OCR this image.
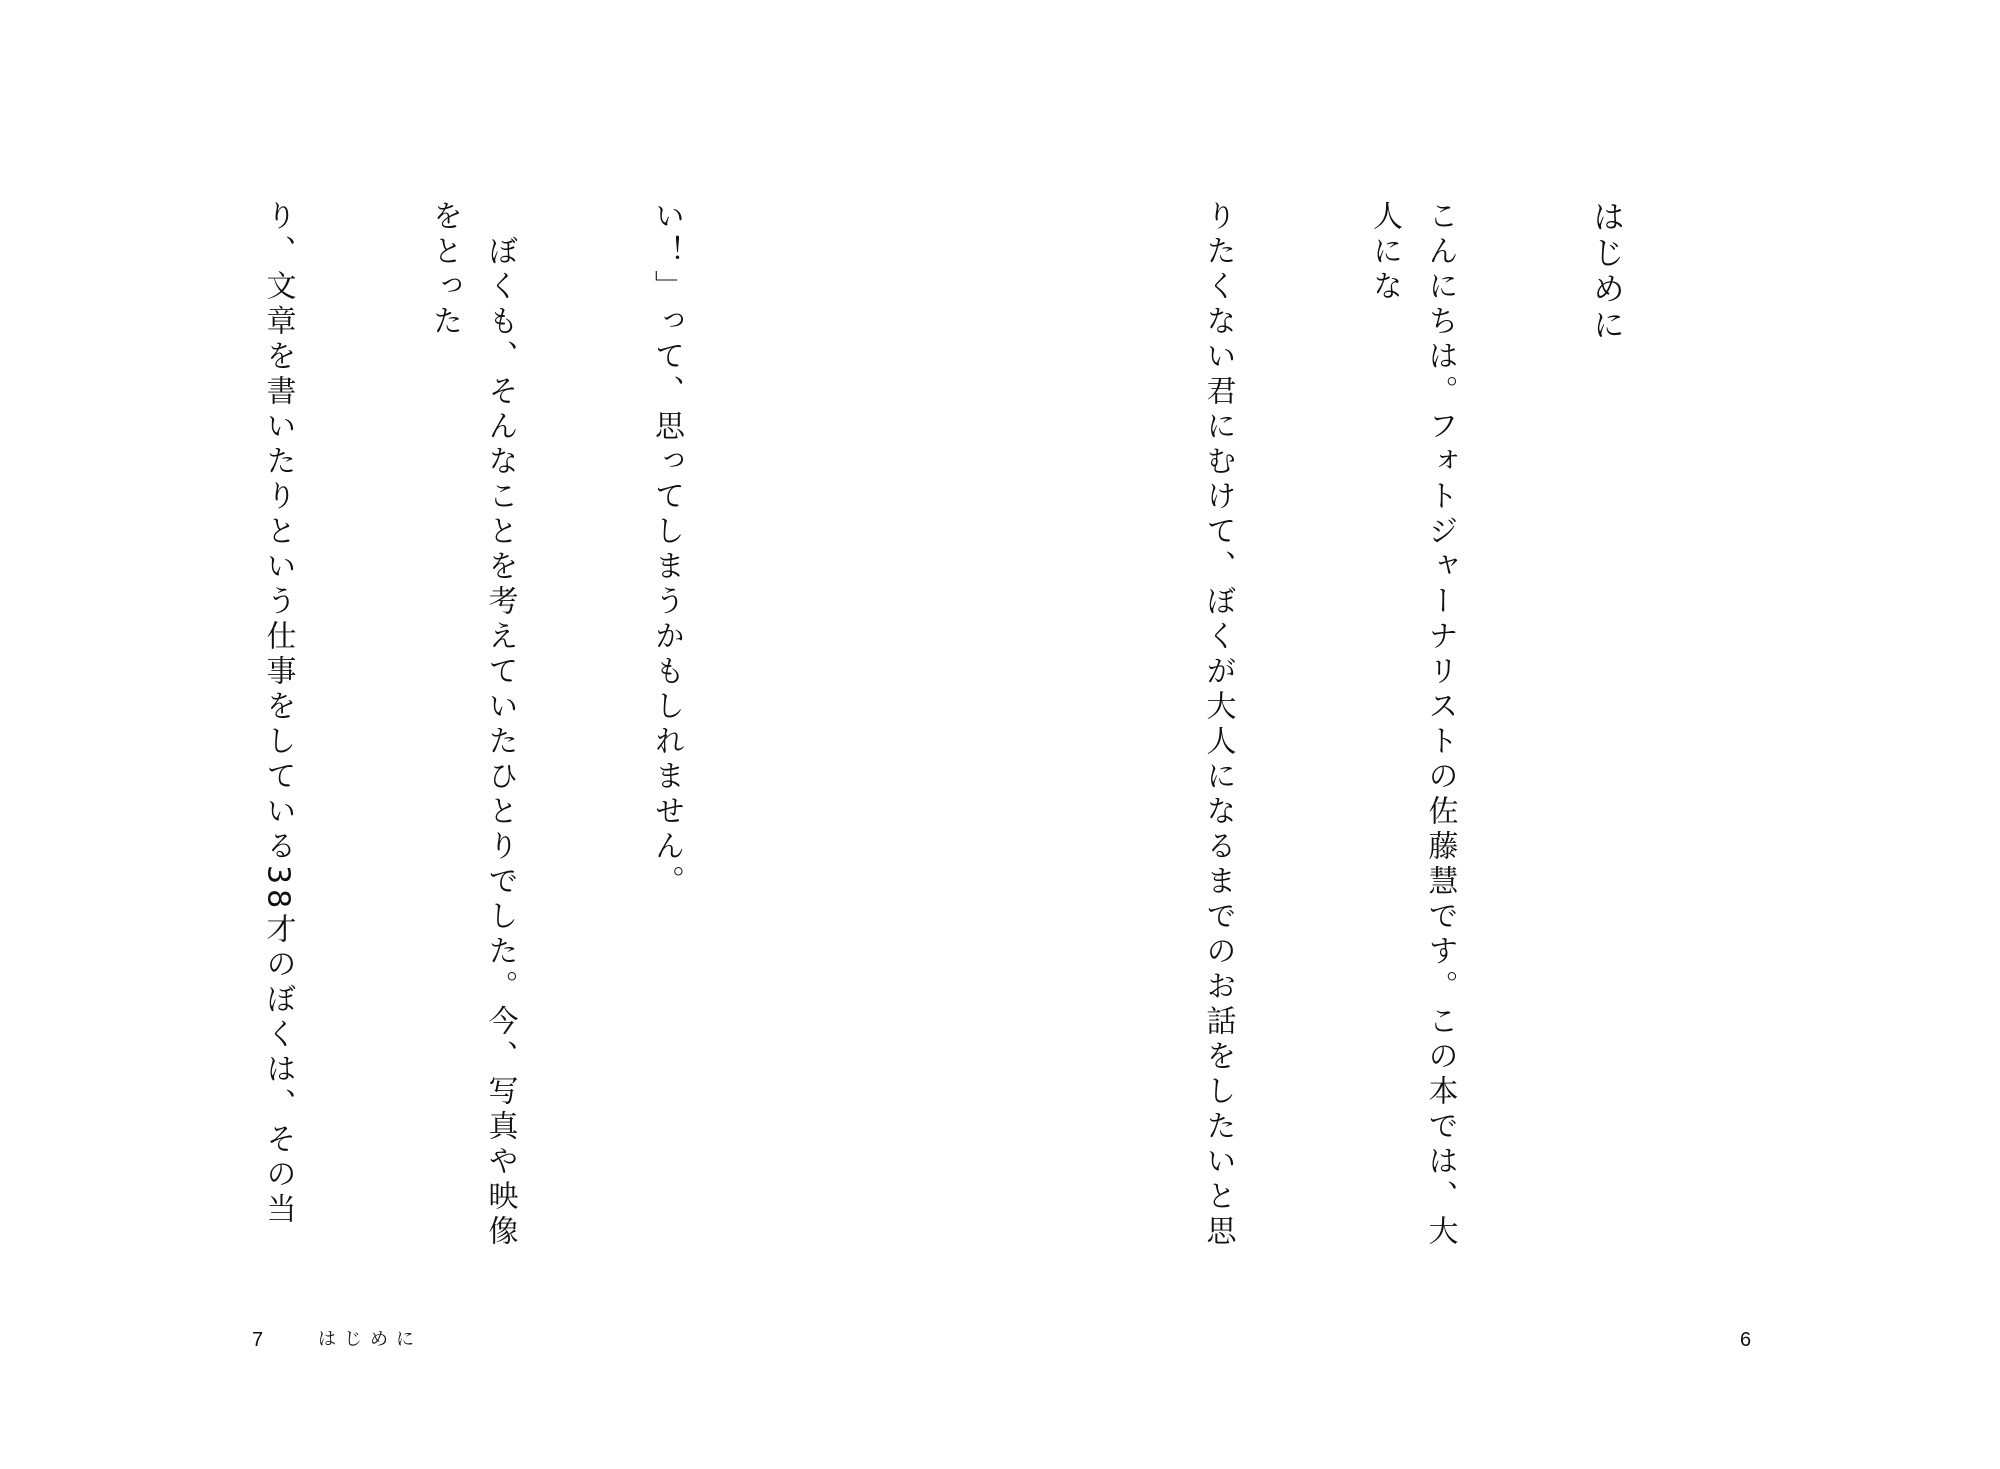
はじめに

こんにちは。フォトジャーナリストの佐藤慧です。この本では、大人にな

りたくない君にむけて、ぼくが大人になるまでのお話をしたいと思

い！」って、思ってしまうかもしれません。

　ぼくも、そんなことを考えていたひとりでした。今、写真や映像をとった

り、文章を書いたりという仕事をしている38才のぼくは、その当

7	はじめに	6
